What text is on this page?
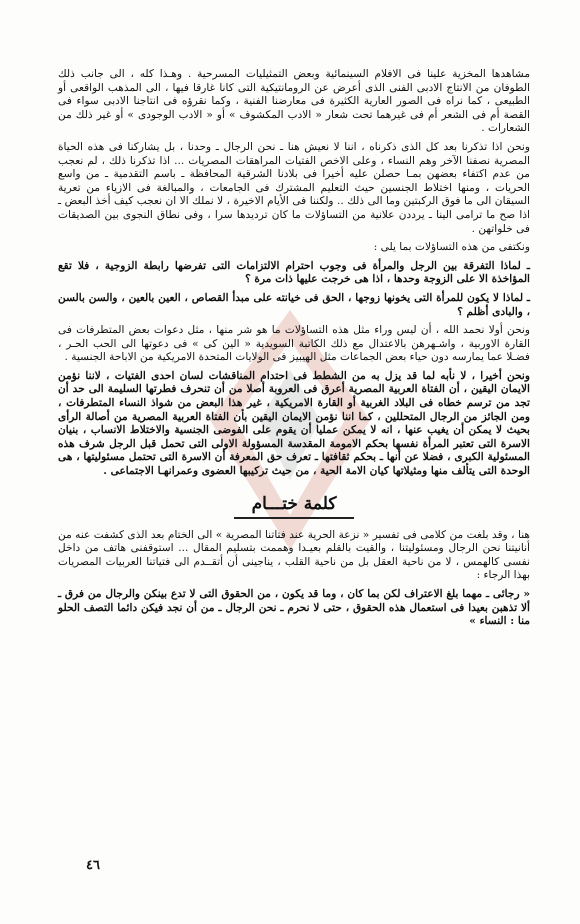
مشاهدها المخزية علينا فى الافلام السينمائية وبعض التمثيليات المسرحية . وهـذا كله ، الى جانب ذلك الطوفان من الانتاج الادبى الفنى الذى أعرض عن الرومانتيكية التى كانا غارقا فيها ، الى المذهب الواقعى أو الطبيعى ، كما نراه فى الصور العارية الكثيرة فى معارضنا الفنية ، وكما نقرؤه فى انتاجنا الادبى سواء فى القصة أم فى الشعر أم فى غيرهما تحت شعار « الادب المكشوف » أو « الادب الوجودى » أو غير ذلك من الشعارات .

ونحن اذا تذكرنا بعد كل الذى ذكرناه ، اننا لا نعيش هنا ـ نحن الرجال ـ وحدنا ، بل يشاركنا فى هذه الحياة المصرية نصفنا الآخر وهم النساء ، وعلى الاخص الفتيات المراهقات المصريات ... اذا تذكرنا ذلك ، لم نعجب من عدم اكتفاء بعضهن بمـا حصلن عليه أخيرا فى بلادنا الشرقية المحافظة ـ باسم التقدمية ـ من واسع الحريات ، ومنها اختلاط الجنسين حيث التعليم المشترك فى الجامعات ، والمبالغة فى الازياء من تعرية السيقان الى ما فوق الركبتين وما الى ذلك .. ولكننا فى الأيام الاخيرة ، لا نملك الا ان نعجب كيف أخذ البعض ـ اذا صح ما ترامى الينا ـ يرددن علانية من التساؤلات ما كان ترديدها سرا ، وفى نطاق النجوى بين الصديقات فى خلواتهن .

ونكتفى من هذه التساؤلات بما يلى :

ـ لماذا التفرقة بين الرجل والمرأة فى وجوب احترام الالتزامات التى تفرضها رابطة الزوجية ، فلا تقع المؤاخذة الا على الزوجة وحدها ، اذا هى خرجت عليها ذات مرة ؟

ـ لماذا لا يكون للمرأة التى يخونها زوجها ، الحق فى خيانته على مبدأ القصاص ، العين بالعين ، والسن بالسن ، والبادى أظلم ؟

ونحن أولا نحمد الله ، أن ليس وراء مثل هذه التساؤلات ما هو شر منها ، مثل دعوات بعض المتطرفات فى القارة الاوربية ، واشـهرهن بالاعتدال مع ذلك الكاتبة السويدية « الين كى » فى دعوتها الى الحب الحـر ، فضـلا عما يمارسه دون حياء بعض الجماعات مثل الهيبيز فى الولايات المتحدة الامريكية من الاباحة الجنسية .

ونحن أخيرا ، لا نأبه لما قد يزل به من الشطط فى احتدام المناقشات لسان احدى الفتيات ، لاننا نؤمن الايمان اليقين ، أن الفتاة العربية المصرية أعرق فى العروبة أصلا من أن تنحرف فطرتها السليمة الى حد أن تجد من ترسم خطاه فى البلاد الغربية أو القارة الامريكية ، غير هذا البعض من شواذ النساء المتطرفات ، ومن الجائز من الرجال المتحللين ، كما اننا نؤمن الايمان اليقين بأن الفتاة العربية المصرية من أصالة الرأى بحيث لا يمكن أن يغيب عنها ، انه لا يمكن عمليا أن يقوم على الفوضى الجنسية والاختلاط الانساب ، بنيان الاسرة التى تعتبر المرأة نفسها بحكم الامومة المقدسة المسؤولة الاولى التى تحمل قبل الرجل شرف هذه المسئولية الكبرى ، فضلا عن أنها ـ بحكم ثقافتها ـ تعرف حق المعرفة أن الاسرة التى تحتمل مسئوليتها ، هى الوحدة التى يتألف منها ومثيلاتها كيان الامة الحية ، من حيث تركيبها العضوى وعمرانهـا الاجتماعى .

كلمة ختـــام

هنا ، وقد بلغت من كلامى فى تفسير « نزعة الحرية عند فتاتنا المصرية » الى الختام بعد الذى كشفت عنه من أنانيتنا نحن الرجال ومسئوليتنا ، والقيت بالقلم بعيـدا وهممت بتسليم المقال ... استوقفنى هاتف من داخل نفسى كالهمس ، لا من ناحية العقل بل من ناحية القلب ، يناجينى أن أتقــدم الى فتياتنا العربيات المصريات بهذا الرجاء :

« رجائى ـ مهما بلغ الاعتراف لكن بما كان ، وما قد يكون ، من الحقوق التى لا تدع بينكن والرجال من فرق ـ ألا تذهبن بعيدا فى استعمال هذه الحقوق ، حتى لا نحرم ـ نحن الرجال ـ من أن نجد فيكن دائما التصف الحلو منا : النساء »

٤٦
